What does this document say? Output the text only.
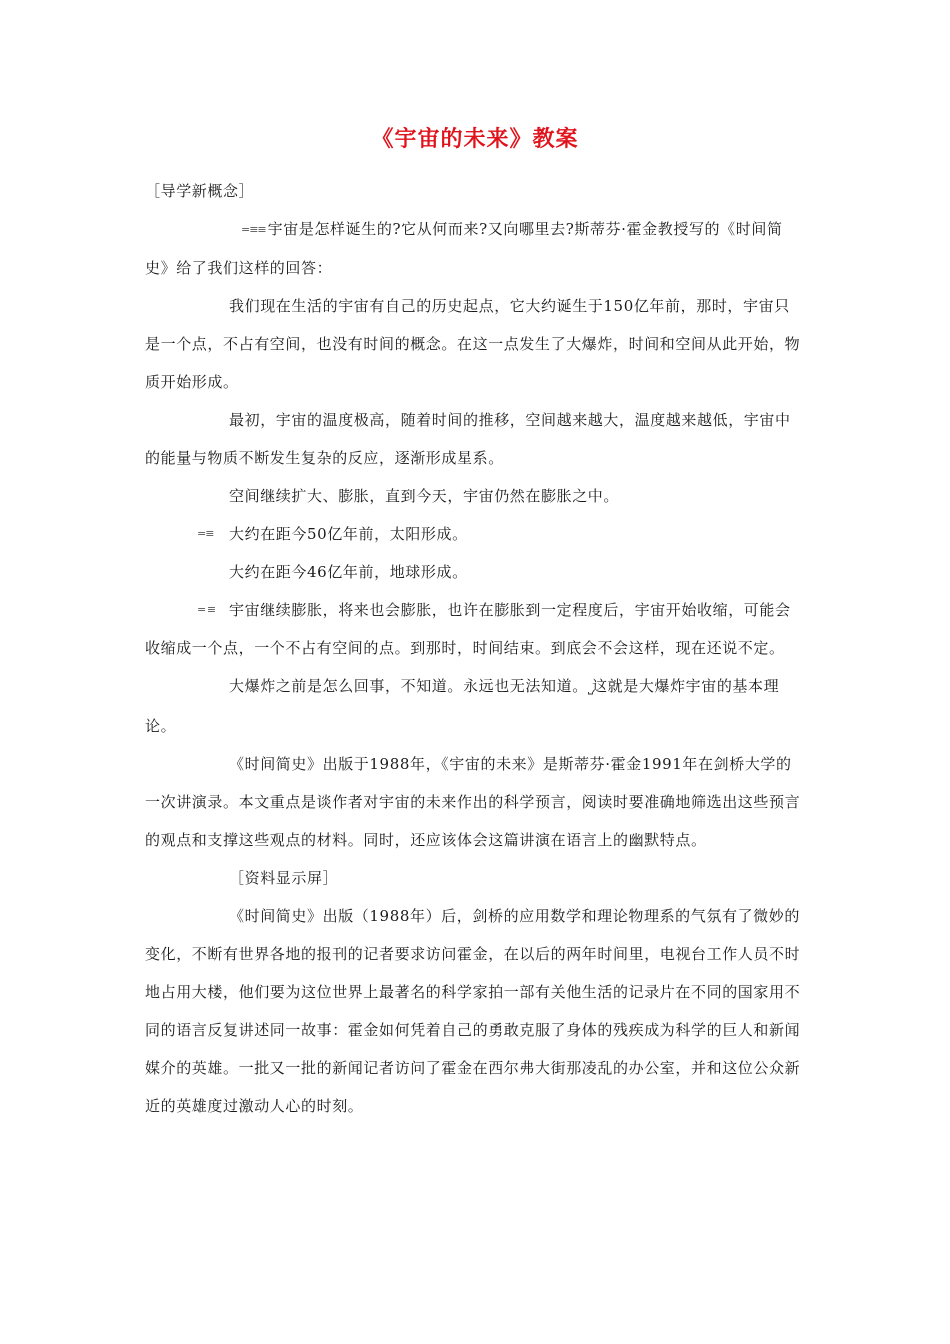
《宇宙的未来》教案

［导学新概念］

=≡≡ 宇宙是怎样诞生的?它从何而来?又向哪里去?斯蒂芬·霍金教授写的《时间简史》给了我们这样的回答：

我们现在生活的宇宙有自己的历史起点，它大约诞生于150亿年前，那时，宇宙只是一个点，不占有空间，也没有时间的概念。在这一点发生了大爆炸，时间和空间从此开始，物质开始形成。

最初，宇宙的温度极高，随着时间的推移，空间越来越大，温度越来越低，宇宙中的能量与物质不断发生复杂的反应，逐渐形成星系。

空间继续扩大、膨胀，直到今天，宇宙仍然在膨胀之中。

=≡ 大约在距今50亿年前，太阳形成。

大约在距今46亿年前，地球形成。

=≡ 宇宙继续膨胀，将来也会膨胀，也许在膨胀到一定程度后，宇宙开始收缩，可能会收缩成一个点，一个不占有空间的点。到那时，时间结束。到底会不会这样，现在还说不定。

大爆炸之前是怎么回事，不知道。永远也无法知道。⎵这就是大爆炸宇宙的基本理论。

《时间简史》出版于1988年，《宇宙的未来》是斯蒂芬·霍金1991年在剑桥大学的一次讲演录。本文重点是谈作者对宇宙的未来作出的科学预言，阅读时要准确地筛选出这些预言的观点和支撑这些观点的材料。同时，还应该体会这篇讲演在语言上的幽默特点。

［资料显示屏］

《时间简史》出版（1988年）后，剑桥的应用数学和理论物理系的气氛有了微妙的变化，不断有世界各地的报刊的记者要求访问霍金，在以后的两年时间里，电视台工作人员不时地占用大楼，他们要为这位世界上最著名的科学家拍一部有关他生活的记录片在不同的国家用不同的语言反复讲述同一故事：霍金如何凭着自己的勇敢克服了身体的残疾成为科学的巨人和新闻媒介的英雄。一批又一批的新闻记者访问了霍金在西尔弗大街那凌乱的办公室，并和这位公众新近的英雄度过激动人心的时刻。
